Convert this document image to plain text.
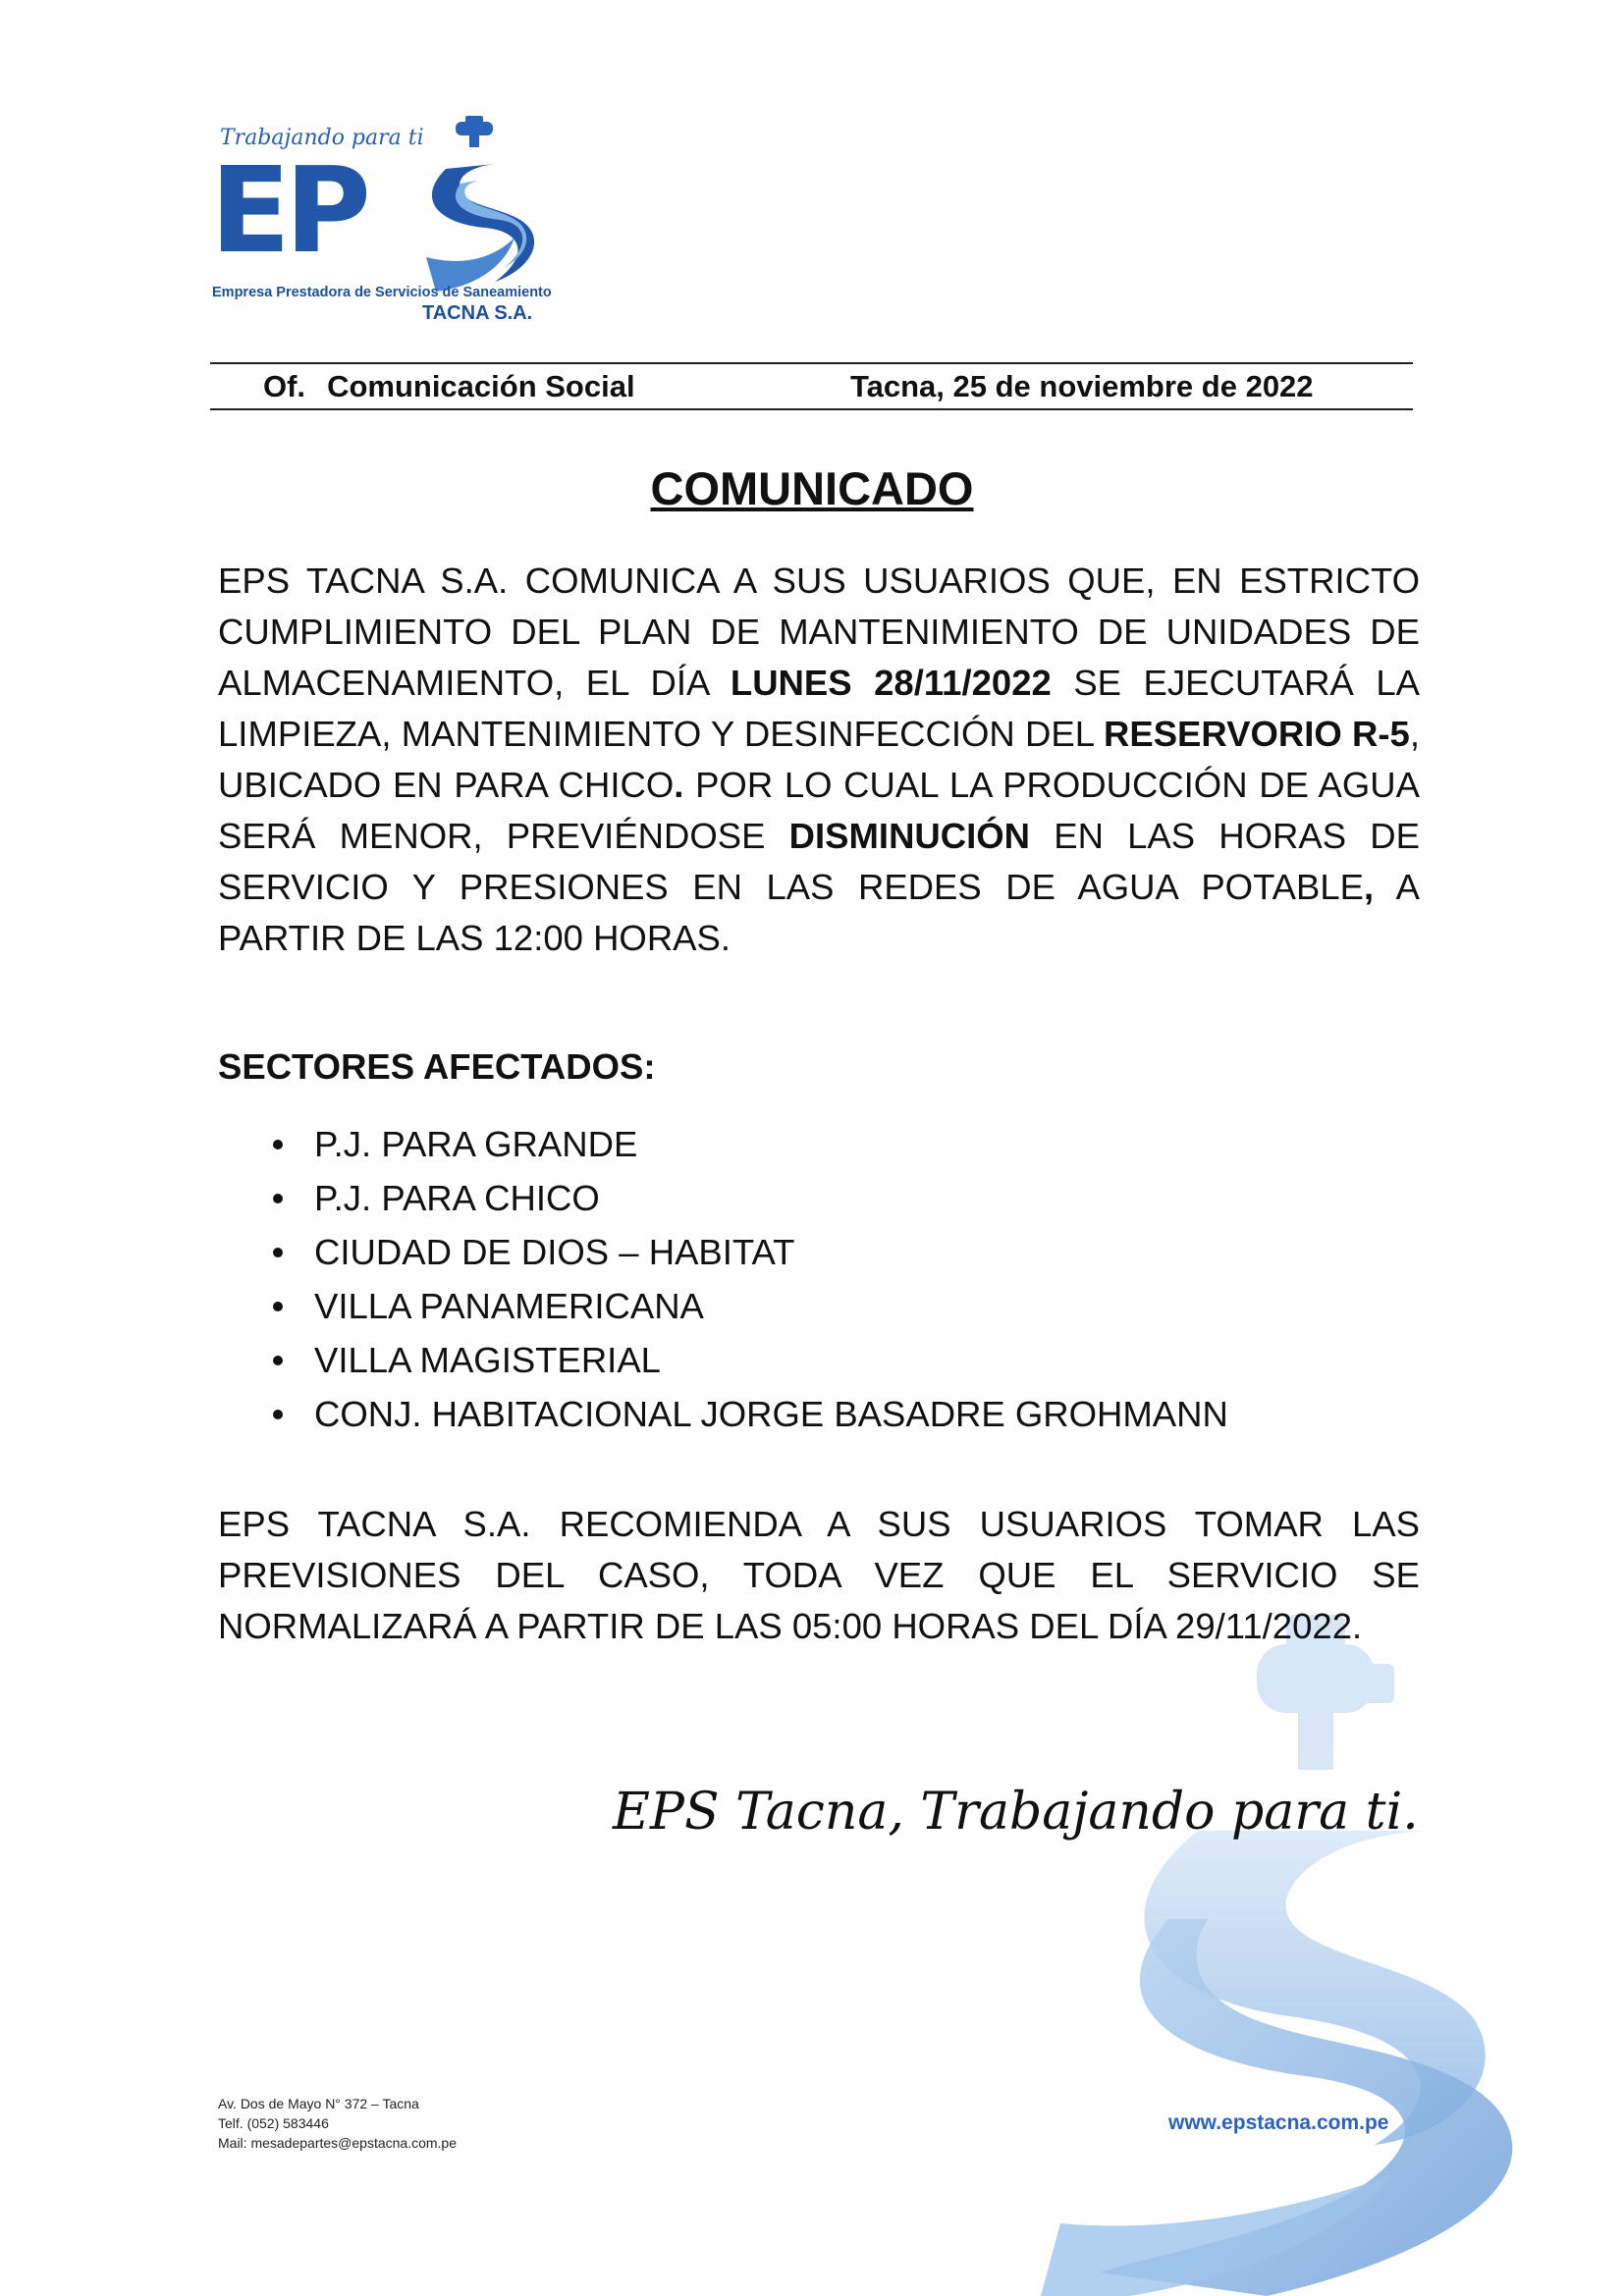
Trabajando para ti
EP
Empresa Prestadora de Servicios de Saneamiento
TACNA S.A.
Of. Comunicación Social	Tacna, 25 de noviembre de 2022
COMUNICADO
EPS TACNA S.A. COMUNICA A SUS USUARIOS QUE, EN ESTRICTO CUMPLIMIENTO DEL PLAN DE MANTENIMIENTO DE UNIDADES DE ALMACENAMIENTO, EL DÍA LUNES 28/11/2022 SE EJECUTARÁ LA LIMPIEZA, MANTENIMIENTO Y DESINFECCIÓN DEL RESERVORIO R-5, UBICADO EN PARA CHICO. POR LO CUAL LA PRODUCCIÓN DE AGUA SERÁ MENOR, PREVIÉNDOSE DISMINUCIÓN EN LAS HORAS DE SERVICIO Y PRESIONES EN LAS REDES DE AGUA POTABLE, A PARTIR DE LAS 12:00 HORAS.
SECTORES AFECTADOS:
P.J. PARA GRANDE
P.J. PARA CHICO
CIUDAD DE DIOS – HABITAT
VILLA PANAMERICANA
VILLA MAGISTERIAL
CONJ. HABITACIONAL JORGE BASADRE GROHMANN
EPS TACNA S.A. RECOMIENDA A SUS USUARIOS TOMAR LAS PREVISIONES DEL CASO, TODA VEZ QUE EL SERVICIO SE NORMALIZARÁ A PARTIR DE LAS 05:00 HORAS DEL DÍA 29/11/2022.
EPS Tacna, Trabajando para ti.
Av. Dos de Mayo N° 372 – Tacna
Telf. (052) 583446
Mail: mesadepartes@epstacna.com.pe
www.epstacna.com.pe
